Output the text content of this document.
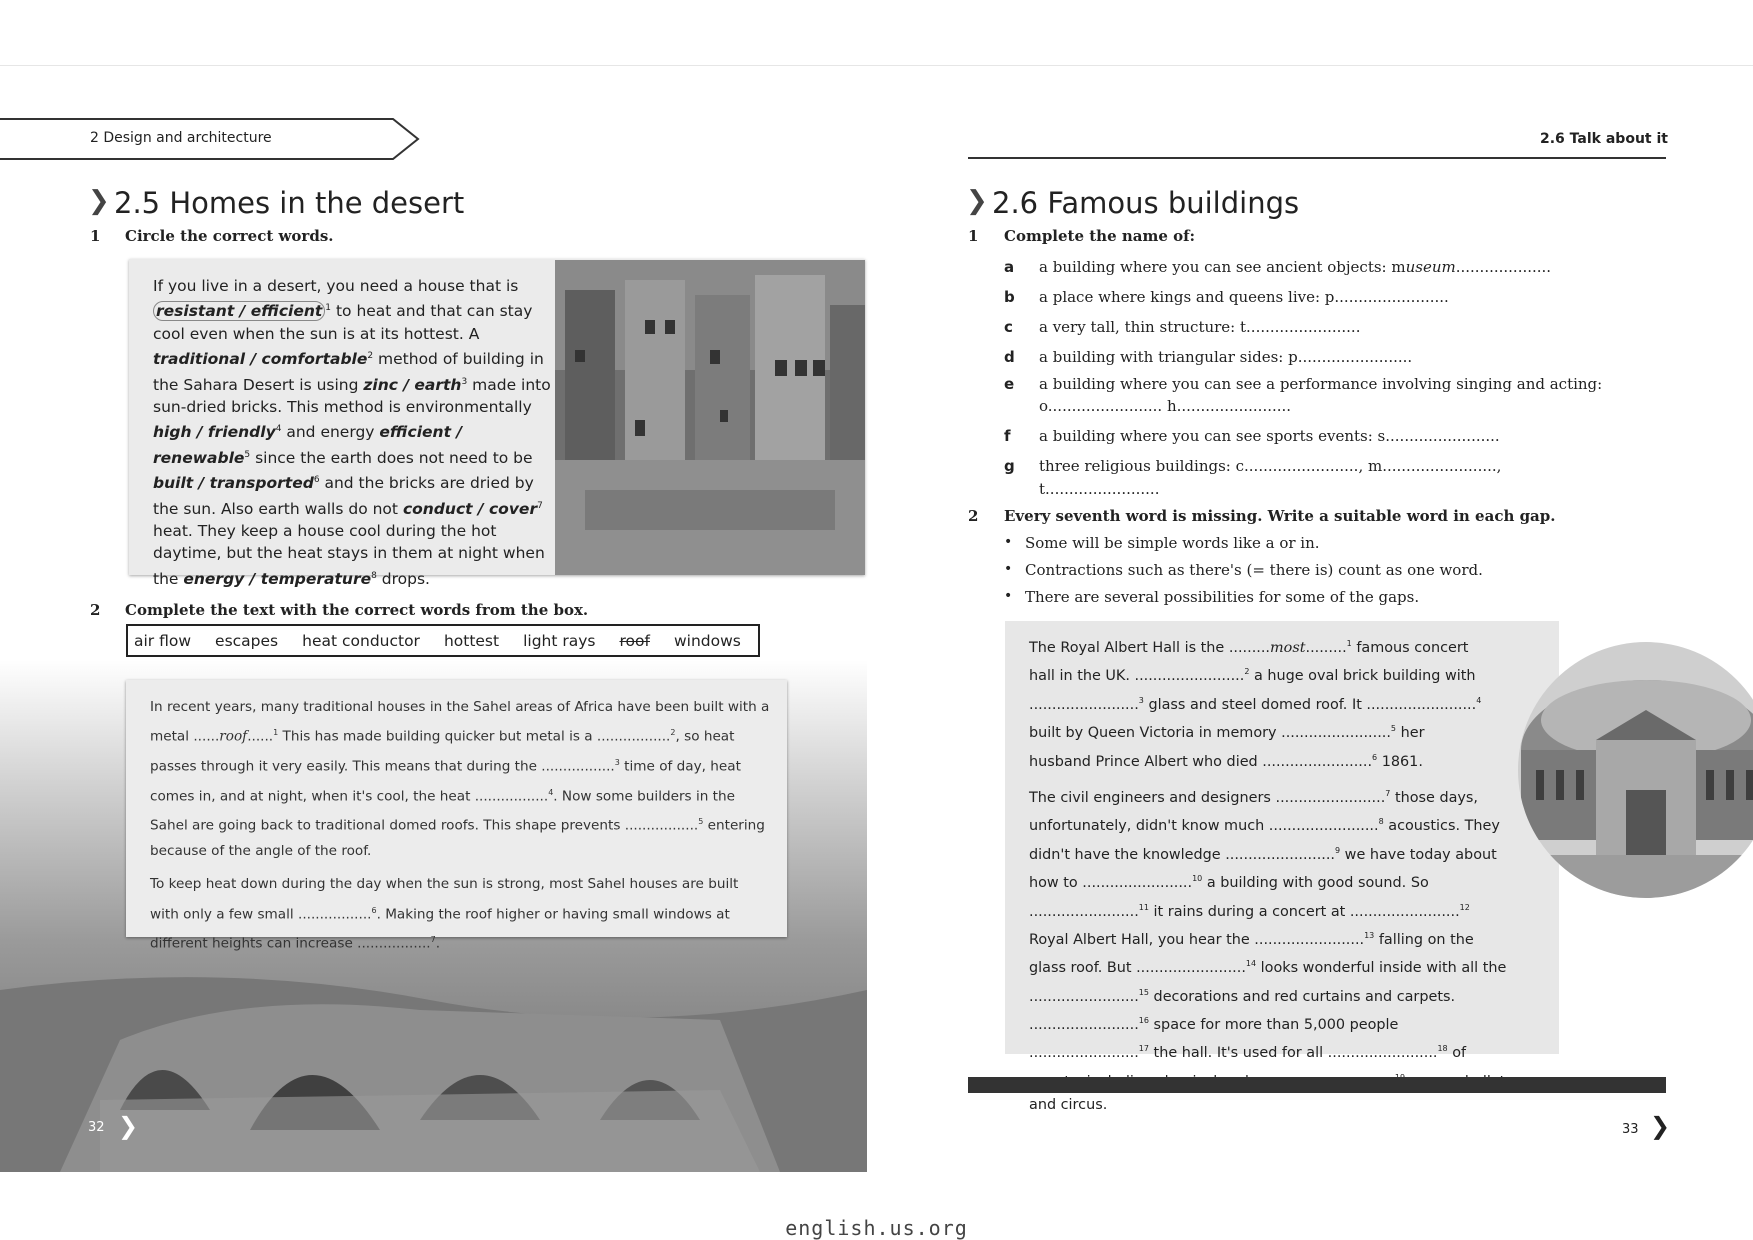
2 Design and architecture
❯ 2.5 Homes in the desert
1 Circle the correct words.
If you live in a desert, you need a house that is resistant / efficient $^1$ to heat and that can stay cool even when the sun is at its hottest. A traditional / comfortable$^2$ method of building in the Sahara Desert is using zinc / earth$^3$ made into sun-dried bricks. This method is environmentally high / friendly$^4$ and energy efficient / renewable$^5$ since the earth does not need to be built / transported$^6$ and the bricks are dried by the sun. Also earth walls do not conduct / cover$^7$ heat. They keep a house cool during the hot daytime, but the heat stays in them at night when the energy / temperature$^8$ drops.
2 Complete the text with the correct words from the box.
air flow escapes heat conductor hottest light rays roof windows

In recent years, many traditional houses in the Sahel areas of Africa have been built with a metal ......roof......$^1$ This has made building quicker but metal is a .................$^2$, so heat passes through it very easily. This means that during the .................$^3$ time of day, heat comes in, and at night, when it's cool, the heat .................$^4$. Now some builders in the Sahel are going back to traditional domed roofs. This shape prevents .................$^5$ entering because of the angle of the roof.

To keep heat down during the day when the sun is strong, most Sahel houses are built with only a few small .................$^6$. Making the roof higher or having small windows at different heights can increase .................$^7$.

32 ❯
2.6 Talk about it
❯ 2.6 Famous buildings
1 Complete the name of:
a a building where you can see ancient objects: museum....................
b a place where kings and queens live: p........................
c a very tall, thin structure: t........................
d a building with triangular sides: p........................
e a building where you can see a performance involving singing and acting:
o........................ h........................
f a building where you can see sports events: s........................
g three religious buildings: c........................, m........................,
t........................
2 Every seventh word is missing. Write a suitable word in each gap.
• Some will be simple words like a or in.
• Contractions such as there's (= there is) count as one word.
• There are several possibilities for some of the gaps.

The Royal Albert Hall is the .........most.........$^1$ famous concert hall in the UK. ........................$^2$ a huge oval brick building with ........................$^3$ glass and steel domed roof. It ........................$^4$ built by Queen Victoria in memory ........................$^5$ her husband Prince Albert who died ........................$^6$ 1861.

The civil engineers and designers ........................$^7$ those days, unfortunately, didn't know much ........................$^8$ acoustics. They didn't have the knowledge ........................$^9$ we have today about how to ........................$^{10}$ a building with good sound. So ........................$^{11}$ it rains during a concert at ........................$^{12}$ Royal Albert Hall, you hear the ........................$^{13}$ falling on the glass roof. But ........................$^{14}$ looks wonderful inside with all the ........................$^{15}$ decorations and red curtains and carpets. ........................$^{16}$ space for more than 5,000 people ........................$^{17}$ the hall. It's used for all ........................$^{18}$ of and circus.

33 ❯
english.us.org
